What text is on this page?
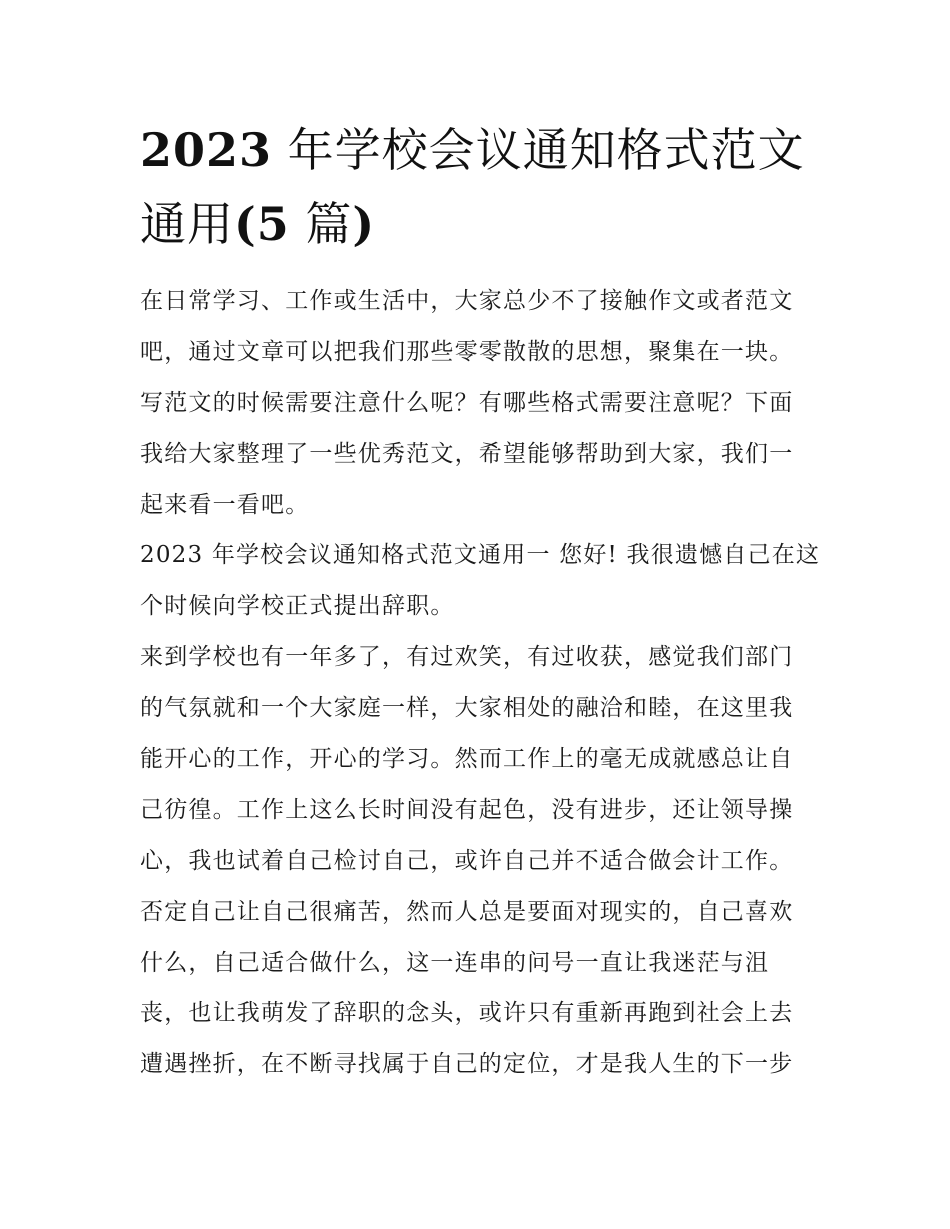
2023 年学校会议通知格式范文
通用(5 篇)
在日常学习、工作或生活中，大家总少不了接触作文或者范文
吧，通过文章可以把我们那些零零散散的思想，聚集在一块。
写范文的时候需要注意什么呢？有哪些格式需要注意呢？下面
我给大家整理了一些优秀范文，希望能够帮助到大家，我们一
起来看一看吧。
2023 年学校会议通知格式范文通用一 您好! 我很遗憾自己在这
个时候向学校正式提出辞职。
来到学校也有一年多了，有过欢笑，有过收获，感觉我们部门
的气氛就和一个大家庭一样，大家相处的融洽和睦，在这里我
能开心的工作，开心的学习。然而工作上的毫无成就感总让自
己彷徨。工作上这么长时间没有起色，没有进步，还让领导操
心，我也试着自己检讨自己，或许自己并不适合做会计工作。
否定自己让自己很痛苦，然而人总是要面对现实的，自己喜欢
什么，自己适合做什么，这一连串的问号一直让我迷茫与沮
丧，也让我萌发了辞职的念头，或许只有重新再跑到社会上去
遭遇挫折，在不断寻找属于自己的定位，才是我人生的下一步
